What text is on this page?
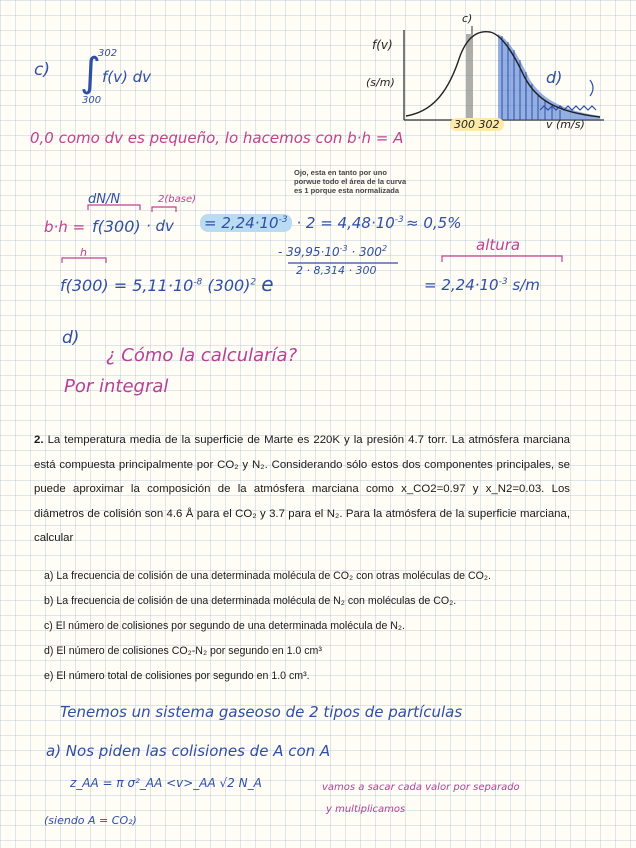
c)
302
∫ f(v) dv
300
f(v)
(s/m)
c)
d)
300 302	v (m/s)
0,0 como dv es pequeño, lo hacemos con b·h = A
Ojo, esta en tanto por uno
porwue todo el área de la curva
es 1 porque esta normalizada
dN/N	2(base)
b·h = f(300) · dv = $2,24\cdot 10^{-3} \cdot 2 = 4,48\cdot 10^{-3} \approx 0,5\%$
h	altura
$f(300) = 5,11\cdot 10^{-8}$ $(300)^2$ e
- $39,95\cdot 10^{-3} \cdot 300^2$
2 · 8,314 · 300
= $2,24\cdot 10^{-3}$ s/m
d)
¿ Cómo la calcularía?
Por integral
2. La temperatura media de la superficie de Marte es 220K y la presión 4.7 torr. La atmósfera marciana está compuesta principalmente por CO₂ y N₂. Considerando sólo estos dos componentes principales, se puede aproximar la composición de la atmósfera marciana como x_CO2=0.97 y x_N2=0.03. Los diámetros de colisión son 4.6 Å para el CO₂ y 3.7 para el N₂. Para la atmósfera de la superficie marciana, calcular
a) La frecuencia de colisión de una determinada molécula de CO₂ con otras moléculas de CO₂.
b) La frecuencia de colisión de una determinada molécula de N₂ con moléculas de CO₂.
c) El número de colisiones por segundo de una determinada molécula de N₂.
d) El número de colisiones CO₂-N₂ por segundo en 1.0 cm³
e) El número total de colisiones por segundo en 1.0 cm³.
Tenemos un sistema gaseoso de 2 tipos de partículas
a) Nos piden las colisiones de A con A
z_AA = π σ²_AA <v>_AA √2 N_A	vamos a sacar cada valor por separado
y multiplicamos
(siendo A = CO₂)
